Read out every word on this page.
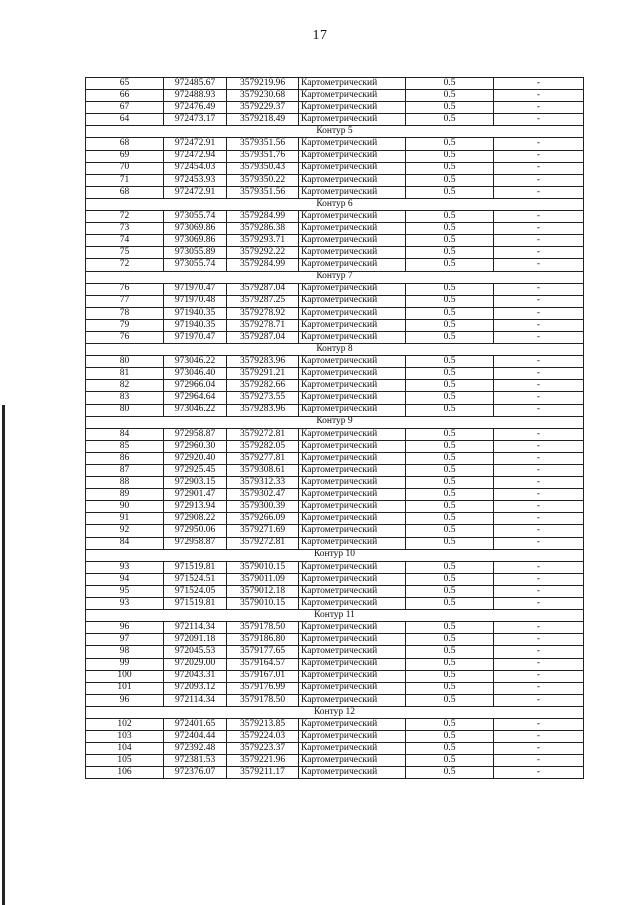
17
65	972485.67	3579219.96	Картометрический	0.5	-
66	972488.93	3579230.68	Картометрический	0.5	-
67	972476.49	3579229.37	Картометрический	0.5	-
64	972473.17	3579218.49	Картометрический	0.5	-
Контур 5					
68	972472.91	3579351.56	Картометрический	0.5	-
69	972472.94	3579351.76	Картометрический	0.5	-
70	972454.03	3579350.43	Картометрический	0.5	-
71	972453.93	3579350.22	Картометрический	0.5	-
68	972472.91	3579351.56	Картометрический	0.5	-
Контур 6					
72	973055.74	3579284.99	Картометрический	0.5	-
73	973069.86	3579286.38	Картометрический	0.5	-
74	973069.86	3579293.71	Картометрический	0.5	-
75	973055.89	3579292.22	Картометрический	0.5	-
72	973055.74	3579284.99	Картометрический	0.5	-
Контур 7					
76	971970.47	3579287.04	Картометрический	0.5	-
77	971970.48	3579287.25	Картометрический	0.5	-
78	971940.35	3579278.92	Картометрический	0.5	-
79	971940.35	3579278.71	Картометрический	0.5	-
76	971970.47	3579287.04	Картометрический	0.5	-
Контур 8					
80	973046.22	3579283.96	Картометрический	0.5	-
81	973046.40	3579291.21	Картометрический	0.5	-
82	972966.04	3579282.66	Картометрический	0.5	-
83	972964.64	3579273.55	Картометрический	0.5	-
80	973046.22	3579283.96	Картометрический	0.5	-
Контур 9					
84	972958.87	3579272.81	Картометрический	0.5	-
85	972960.30	3579282.05	Картометрический	0.5	-
86	972920.40	3579277.81	Картометрический	0.5	-
87	972925.45	3579308.61	Картометрический	0.5	-
88	972903.15	3579312.33	Картометрический	0.5	-
89	972901.47	3579302.47	Картометрический	0.5	-
90	972913.94	3579300.39	Картометрический	0.5	-
91	972908.22	3579266.09	Картометрический	0.5	-
92	972950.06	3579271.69	Картометрический	0.5	-
84	972958.87	3579272.81	Картометрический	0.5	-
Контур 10					
93	971519.81	3579010.15	Картометрический	0.5	-
94	971524.51	3579011.09	Картометрический	0.5	-
95	971524.05	3579012.18	Картометрический	0.5	-
93	971519.81	3579010.15	Картометрический	0.5	-
Контур 11					
96	972114.34	3579178.50	Картометрический	0.5	-
97	972091.18	3579186.80	Картометрический	0.5	-
98	972045.53	3579177.65	Картометрический	0.5	-
99	972029.00	3579164.57	Картометрический	0.5	-
100	972043.31	3579167.01	Картометрический	0.5	-
101	972093.12	3579176.99	Картометрический	0.5	-
96	972114.34	3579178.50	Картометрический	0.5	-
Контур 12					
102	972401.65	3579213.85	Картометрический	0.5	-
103	972404.44	3579224.03	Картометрический	0.5	-
104	972392.48	3579223.37	Картометрический	0.5	-
105	972381.53	3579221.96	Картометрический	0.5	-
106	972376.07	3579211.17	Картометрический	0.5	-
